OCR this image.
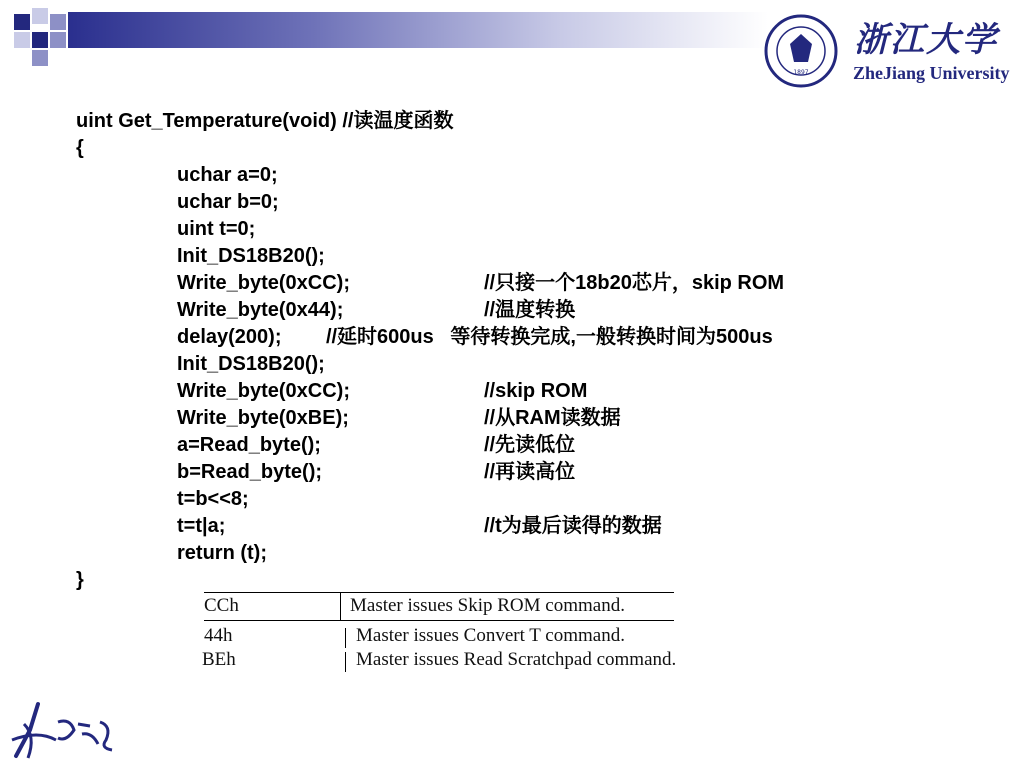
1897
浙江大学
ZheJiang University
uint Get_Temperature(void) //读温度函数
{
uchar a=0;
uchar b=0;
uint t=0;
Init_DS18B20();
Write_byte(0xCC);	//只接一个18b20芯片，skip ROM
Write_byte(0x44);	//温度转换
delay(200);        //延时600us   等待转换完成,一般转换时间为500us
Init_DS18B20();
Write_byte(0xCC);	//skip ROM
Write_byte(0xBE);	//从RAM读数据
a=Read_byte();	//先读低位
b=Read_byte();	//再读高位
t=b<<8;
t=t|a;	//t为最后读得的数据
return (t);
}
CCh	Master issues Skip ROM command.
44h	Master issues Convert T command.
BEh	Master issues Read Scratchpad command.
